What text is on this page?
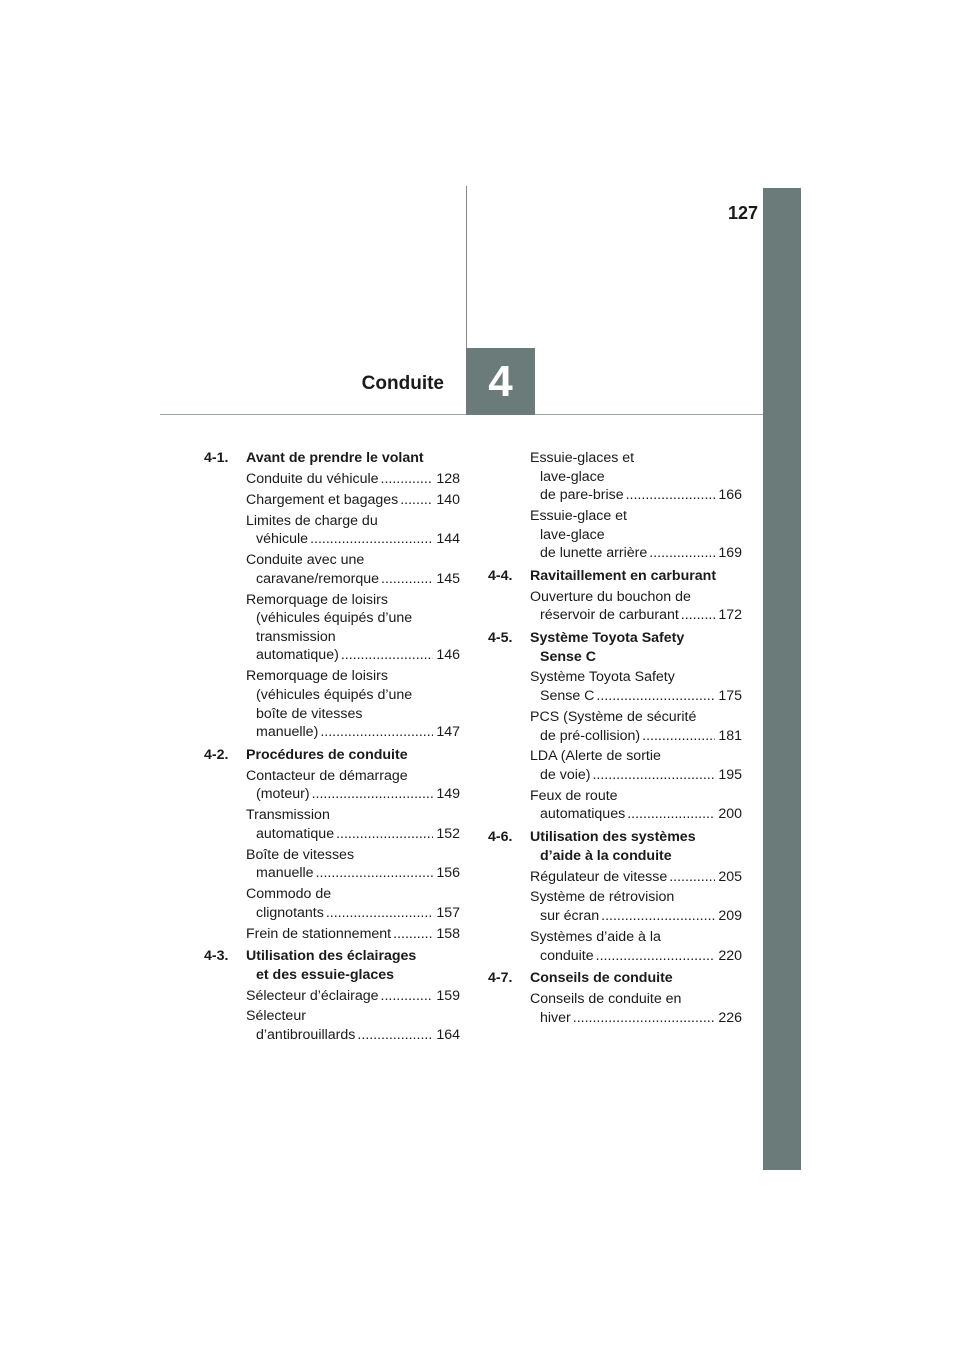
127
4
Conduite
4-1.	Avant de prendre le volant
Conduite du véhicule .....	128
Chargement et bagages .....	140
Limites de charge du
véhicule .....	144
Conduite avec une
caravane/remorque .....	145
Remorquage de loisirs
(véhicules équipés d’une
transmission
automatique) .....	146
Remorquage de loisirs
(véhicules équipés d’une
boîte de vitesses
manuelle) .....	147
4-2.	Procédures de conduite
Contacteur de démarrage
(moteur) .....	149
Transmission
automatique .....	152
Boîte de vitesses
manuelle .....	156
Commodo de
clignotants .....	157
Frein de stationnement .....	158
4-3.	Utilisation des éclairages
et des essuie-glaces
Sélecteur d’éclairage .....	159
Sélecteur
d’antibrouillards .....	164
Essuie-glaces et
lave-glace
de pare-brise .....	166
Essuie-glace et
lave-glace
de lunette arrière .....	169
4-4.	Ravitaillement en carburant
Ouverture du bouchon de
réservoir de carburant .....	172
4-5.	Système Toyota Safety
Sense C
Système Toyota Safety
Sense C .....	175
PCS (Système de sécurité
de pré-collision) .....	181
LDA (Alerte de sortie
de voie) .....	195
Feux de route
automatiques .....	200
4-6.	Utilisation des systèmes
d’aide à la conduite
Régulateur de vitesse .....	205
Système de rétrovision
sur écran .....	209
Systèmes d’aide à la
conduite .....	220
4-7.	Conseils de conduite
Conseils de conduite en
hiver .....	226
